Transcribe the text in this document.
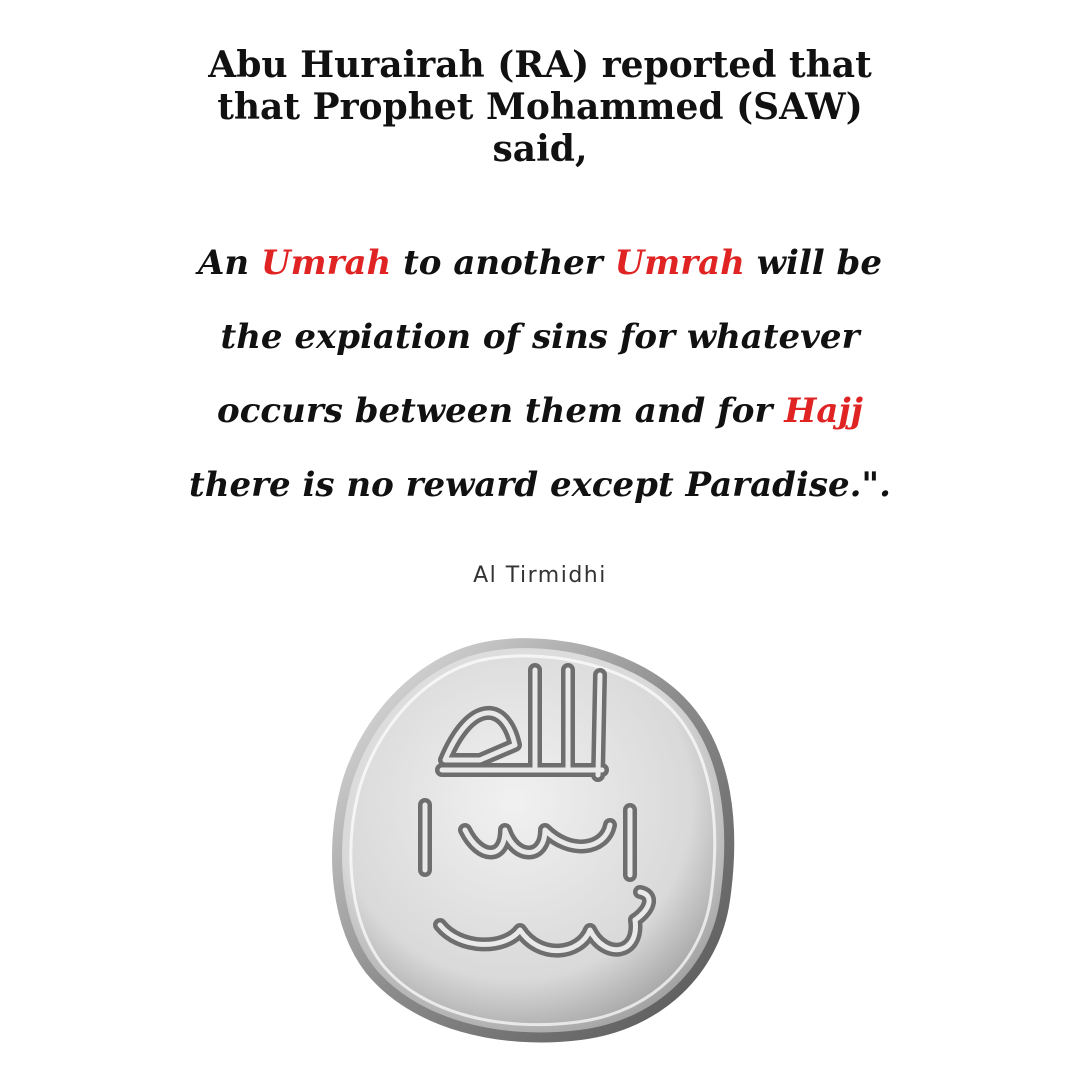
Abu Hurairah (RA) reported that
that Prophet Mohammed (SAW)
said,
An Umrah to another Umrah will be
the expiation of sins for whatever
occurs between them and for Hajj
there is no reward except Paradise.".
Al Tirmidhi
